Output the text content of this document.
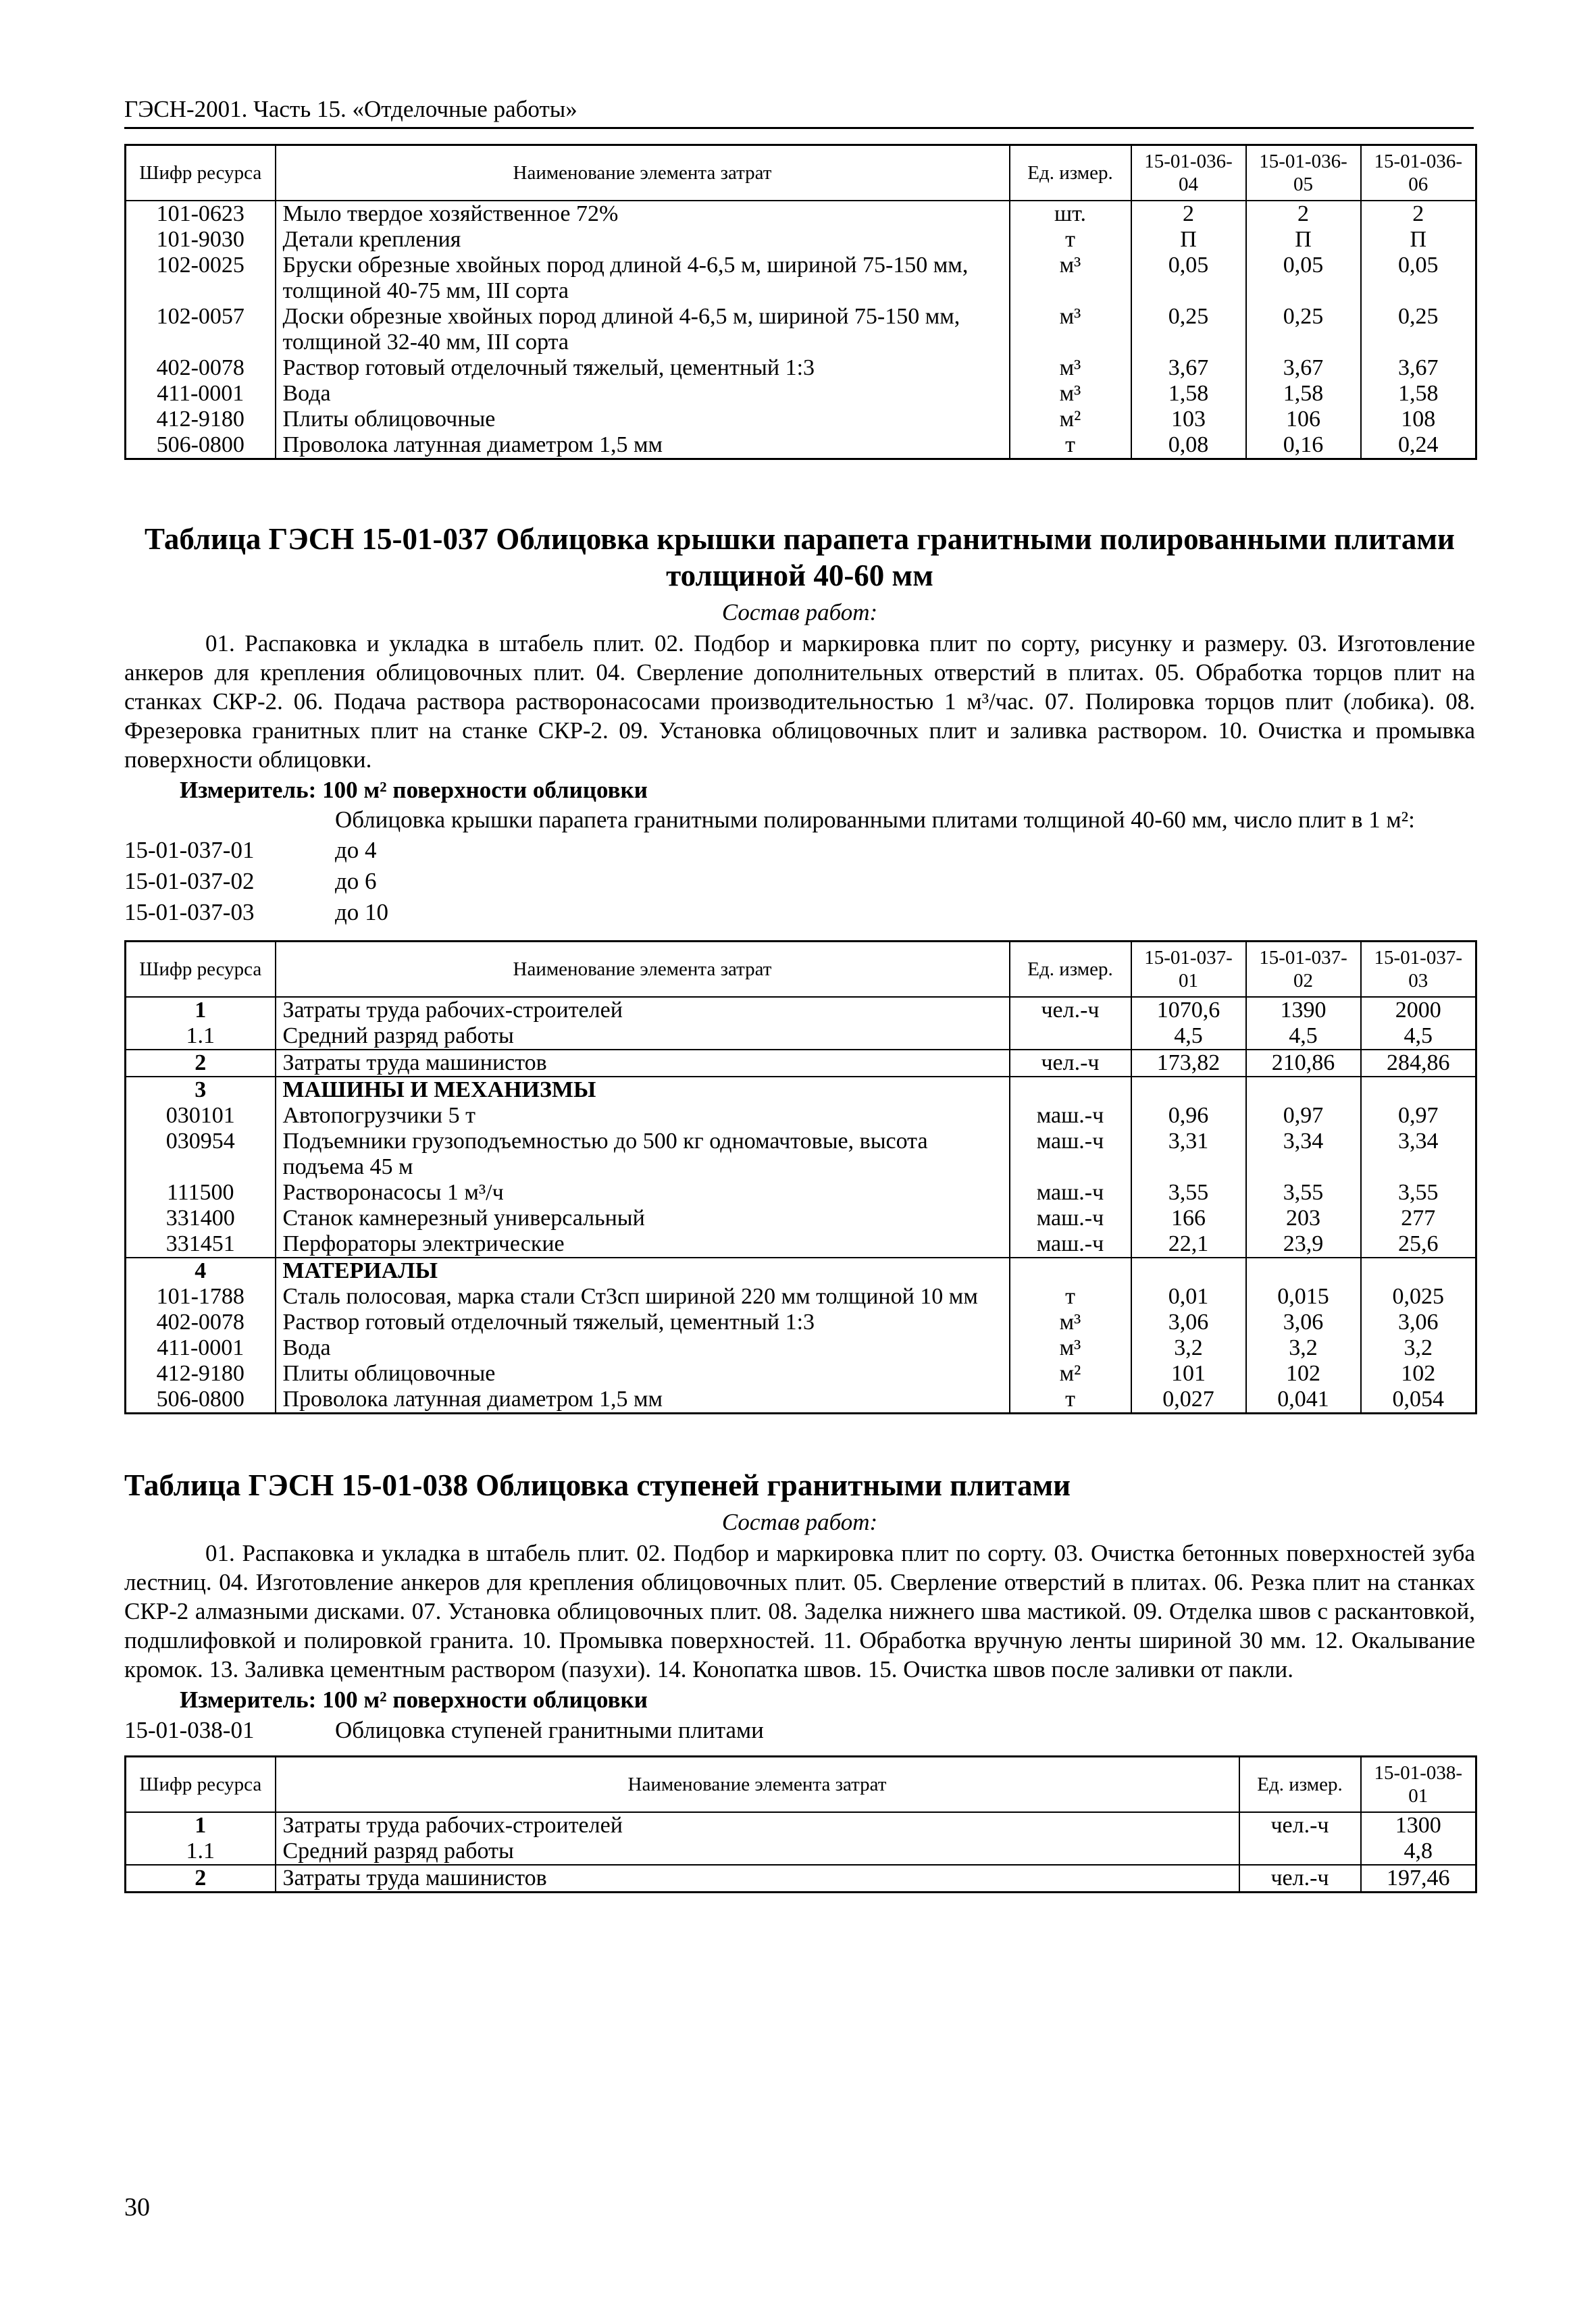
ГЭСН-2001. Часть 15. «Отделочные работы»
Шифр ресурса	Наименование элемента затрат	Ед. измер.	15-01-036-04	15-01-036-05	15-01-036-06
101-0623	Мыло твердое хозяйственное 72%	шт.	2	2	2
101-9030	Детали крепления	т	П	П	П
102-0025	Бруски обрезные хвойных пород длиной 4-6,5 м, шириной 75-150 мм, толщиной 40-75 мм, III сорта	м³	0,05	0,05	0,05
102-0057	Доски обрезные хвойных пород длиной 4-6,5 м, шириной 75-150 мм, толщиной 32-40 мм, III сорта	м³	0,25	0,25	0,25
402-0078	Раствор готовый отделочный тяжелый, цементный 1:3	м³	3,67	3,67	3,67
411-0001	Вода	м³	1,58	1,58	1,58
412-9180	Плиты облицовочные	м²	103	106	108
506-0800	Проволока латунная диаметром 1,5 мм	т	0,08	0,16	0,24
Таблица ГЭСН 15-01-037 Облицовка крышки парапета гранитными полированными плитами толщиной 40-60 мм
Состав работ:

01. Распаковка и укладка в штабель плит. 02. Подбор и маркировка плит по сорту, рисунку и размеру. 03. Изготовление анкеров для крепления облицовочных плит. 04. Сверление дополнительных отверстий в плитах. 05. Обработка торцов плит на станках СКР-2. 06. Подача раствора растворонасосами производительностью 1 м³/час. 07. Полировка торцов плит (лобика). 08. Фрезеровка гранитных плит на станке СКР-2. 09. Установка облицовочных плит и заливка раствором. 10. Очистка и промывка поверхности облицовки.

Измеритель: 100 м² поверхности облицовки
Облицовка крышки парапета гранитными полированными плитами толщиной 40-60 мм, число плит в 1 м²:
15-01-037-01	до 4
15-01-037-02	до 6
15-01-037-03	до 10
Шифр ресурса	Наименование элемента затрат	Ед. измер.	15-01-037-01	15-01-037-02	15-01-037-03
1	Затраты труда рабочих-строителей	чел.-ч	1070,6	1390	2000
1.1	Средний разряд работы		4,5	4,5	4,5
2	Затраты труда машинистов	чел.-ч	173,82	210,86	284,86
3	МАШИНЫ И МЕХАНИЗМЫ				
030101	Автопогрузчики 5 т	маш.-ч	0,96	0,97	0,97
030954	Подъемники грузоподъемностью до 500 кг одномачтовые, высота подъема 45 м	маш.-ч	3,31	3,34	3,34
111500	Растворонасосы 1 м³/ч	маш.-ч	3,55	3,55	3,55
331400	Станок камнерезный универсальный	маш.-ч	166	203	277
331451	Перфораторы электрические	маш.-ч	22,1	23,9	25,6
4	МАТЕРИАЛЫ				
101-1788	Сталь полосовая, марка стали Ст3сп шириной 220 мм толщиной 10 мм	т	0,01	0,015	0,025
402-0078	Раствор готовый отделочный тяжелый, цементный 1:3	м³	3,06	3,06	3,06
411-0001	Вода	м³	3,2	3,2	3,2
412-9180	Плиты облицовочные	м²	101	102	102
506-0800	Проволока латунная диаметром 1,5 мм	т	0,027	0,041	0,054
Таблица ГЭСН 15-01-038 Облицовка ступеней гранитными плитами
Состав работ:

01. Распаковка и укладка в штабель плит. 02. Подбор и маркировка плит по сорту. 03. Очистка бетонных поверхностей зуба лестниц. 04. Изготовление анкеров для крепления облицовочных плит. 05. Сверление отверстий в плитах. 06. Резка плит на станках СКР-2 алмазными дисками. 07. Установка облицовочных плит. 08. Заделка нижнего шва мастикой. 09. Отделка швов с раскантовкой, подшлифовкой и полировкой гранита. 10. Промывка поверхностей. 11. Обработка вручную ленты шириной 30 мм. 12. Окалывание кромок. 13. Заливка цементным раствором (пазухи). 14. Конопатка швов. 15. Очистка швов после заливки от пакли.

Измеритель: 100 м² поверхности облицовки
15-01-038-01	Облицовка ступеней гранитными плитами
Шифр ресурса	Наименование элемента затрат	Ед. измер.	15-01-038-01
1	Затраты труда рабочих-строителей	чел.-ч	1300
1.1	Средний разряд работы		4,8
2	Затраты труда машинистов	чел.-ч	197,46
30
